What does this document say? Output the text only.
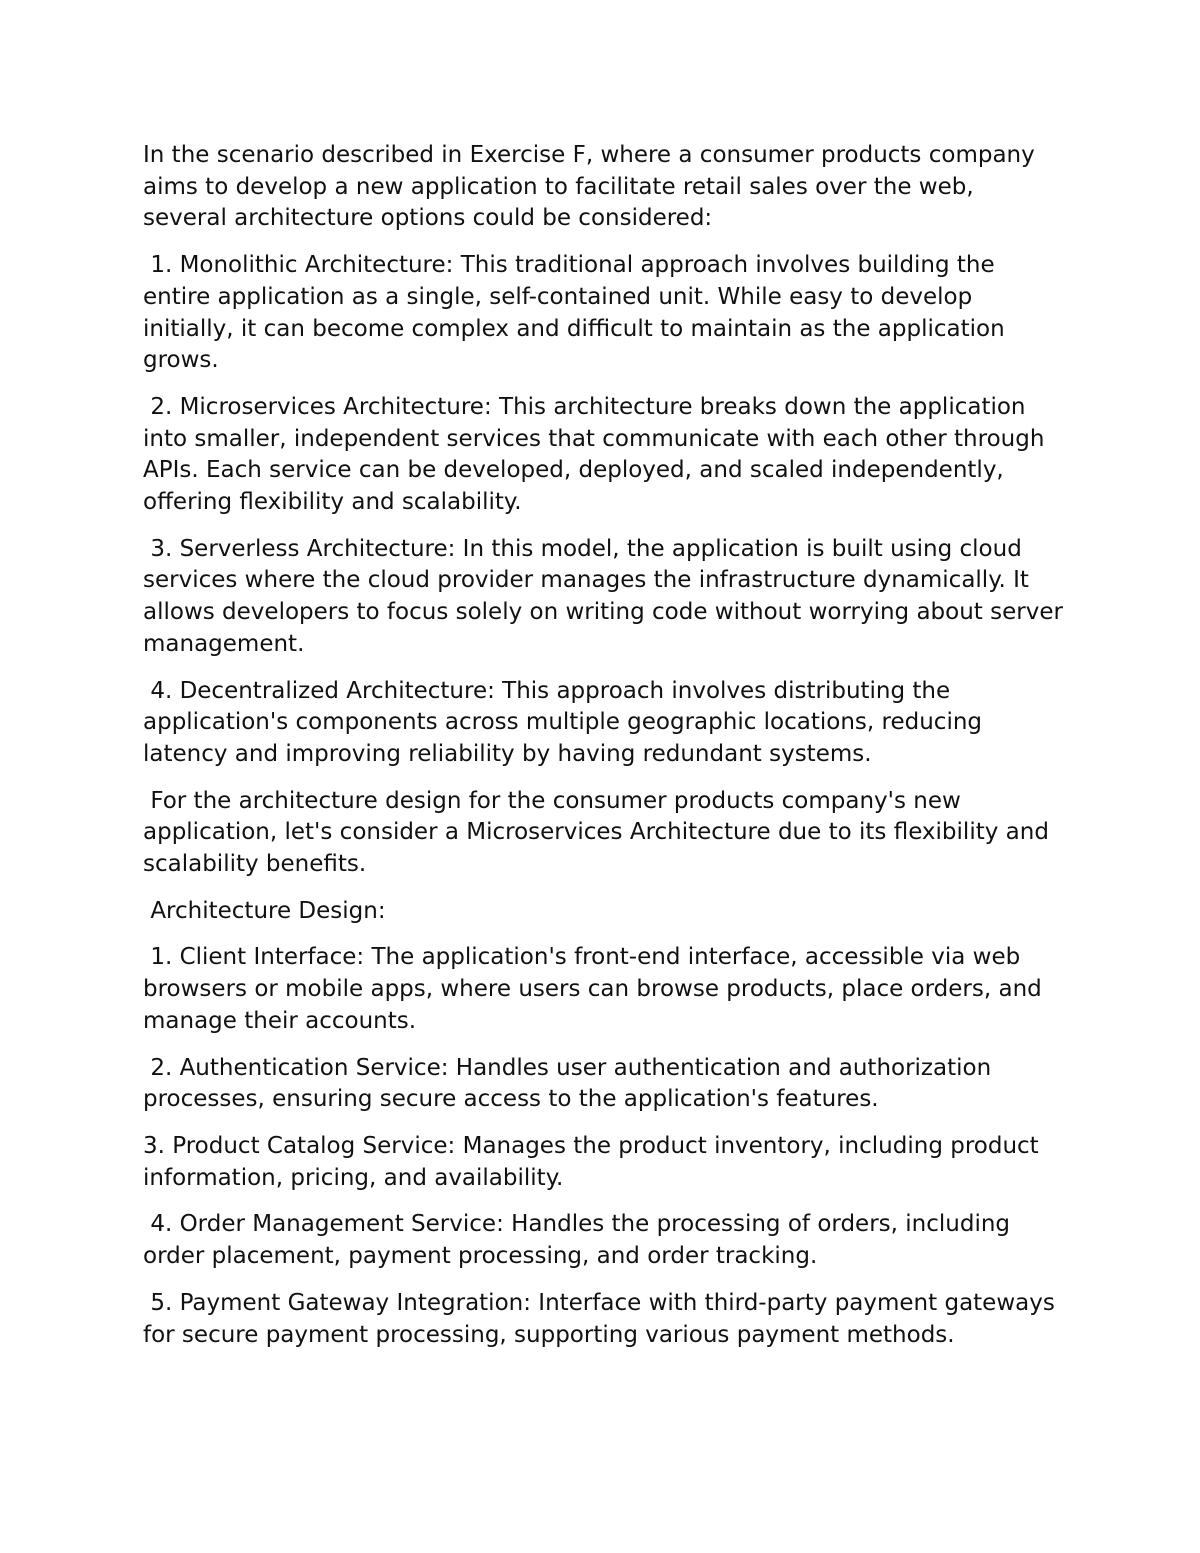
In the scenario described in Exercise F, where a consumer products company aims to develop a new application to facilitate retail sales over the web, several architecture options could be considered:

1. Monolithic Architecture: This traditional approach involves building the entire application as a single, self-contained unit. While easy to develop initially, it can become complex and difficult to maintain as the application grows.

2. Microservices Architecture: This architecture breaks down the application into smaller, independent services that communicate with each other through APIs. Each service can be developed, deployed, and scaled independently, offering flexibility and scalability.

3. Serverless Architecture: In this model, the application is built using cloud services where the cloud provider manages the infrastructure dynamically. It allows developers to focus solely on writing code without worrying about server management.

4. Decentralized Architecture: This approach involves distributing the application's components across multiple geographic locations, reducing latency and improving reliability by having redundant systems.

For the architecture design for the consumer products company's new application, let's consider a Microservices Architecture due to its flexibility and scalability benefits.

Architecture Design:

1. Client Interface: The application's front-end interface, accessible via web browsers or mobile apps, where users can browse products, place orders, and manage their accounts.

2. Authentication Service: Handles user authentication and authorization processes, ensuring secure access to the application's features.

3. Product Catalog Service: Manages the product inventory, including product information, pricing, and availability.

4. Order Management Service: Handles the processing of orders, including order placement, payment processing, and order tracking.

5. Payment Gateway Integration: Interface with third-party payment gateways for secure payment processing, supporting various payment methods.
